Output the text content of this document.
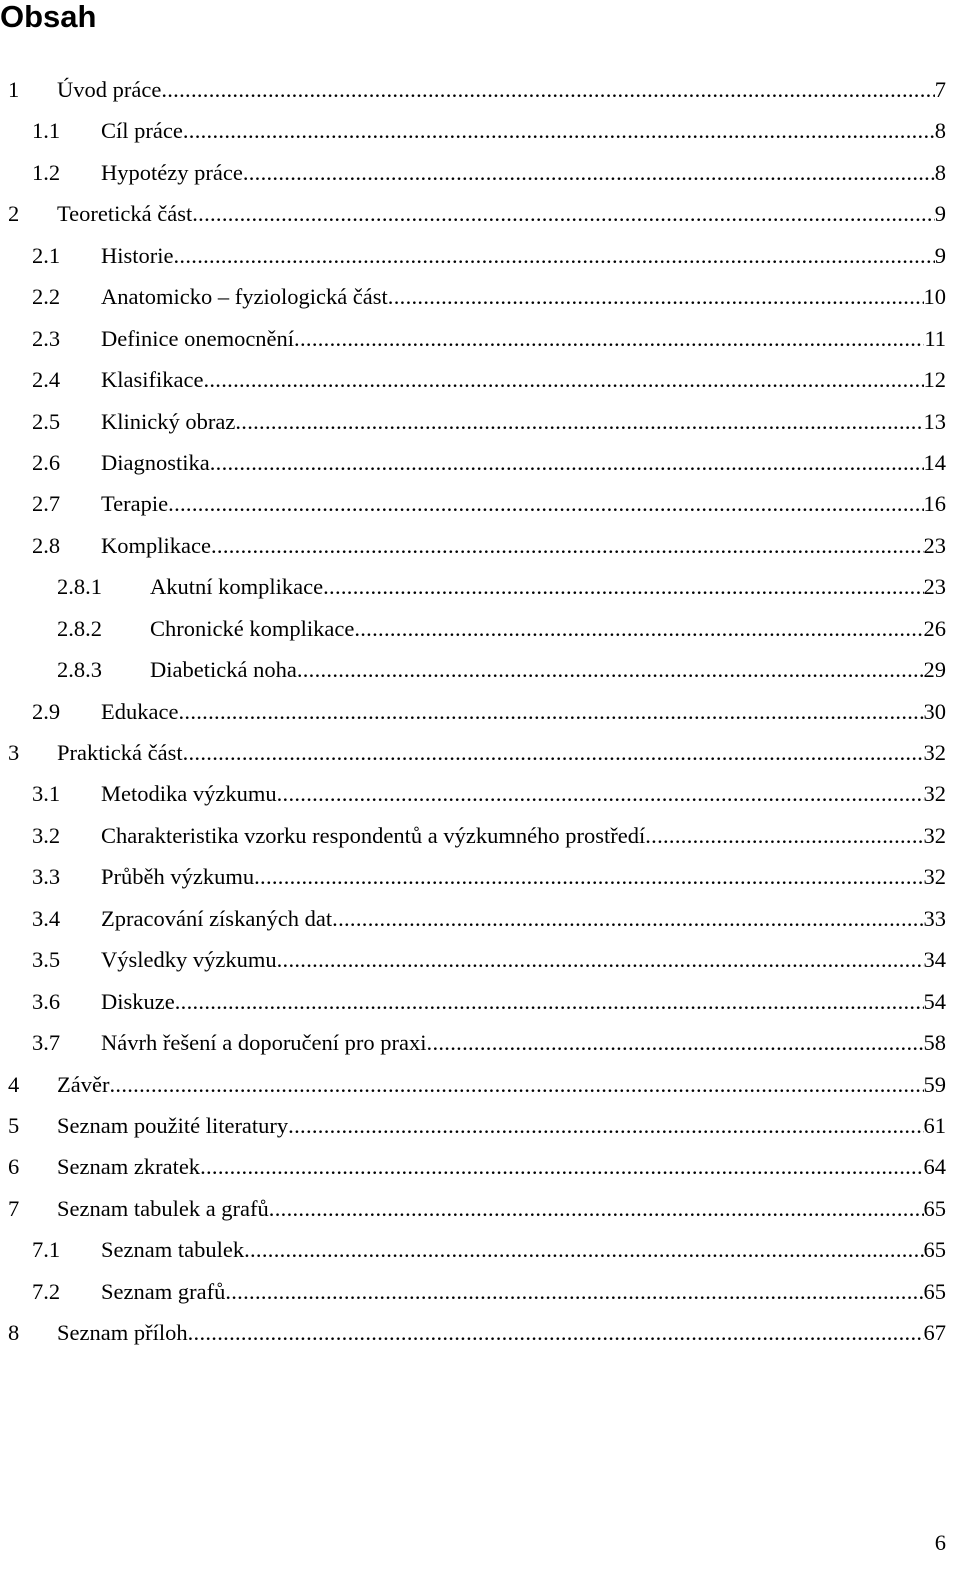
Obsah
1 Úvod práce .....	7
1.1 Cíl práce .....	8
1.2 Hypotézy práce .....	8
2 Teoretická část .....	9
2.1 Historie .....	9
2.2 Anatomicko – fyziologická část .....	10
2.3 Definice onemocnění .....	11
2.4 Klasifikace .....	12
2.5 Klinický obraz .....	13
2.6 Diagnostika .....	14
2.7 Terapie .....	16
2.8 Komplikace .....	23
2.8.1 Akutní komplikace .....	23
2.8.2 Chronické komplikace .....	26
2.8.3 Diabetická noha .....	29
2.9 Edukace .....	30
3 Praktická část .....	32
3.1 Metodika výzkumu .....	32
3.2 Charakteristika vzorku respondentů a výzkumného prostředí .....	32
3.3 Průběh výzkumu .....	32
3.4 Zpracování získaných dat .....	33
3.5 Výsledky výzkumu .....	34
3.6 Diskuze .....	54
3.7 Návrh řešení a doporučení pro praxi .....	58
4 Závěr .....	59
5 Seznam použité literatury .....	61
6 Seznam zkratek .....	64
7 Seznam tabulek a grafů .....	65
7.1 Seznam tabulek .....	65
7.2 Seznam grafů .....	65
8 Seznam příloh .....	67
6
